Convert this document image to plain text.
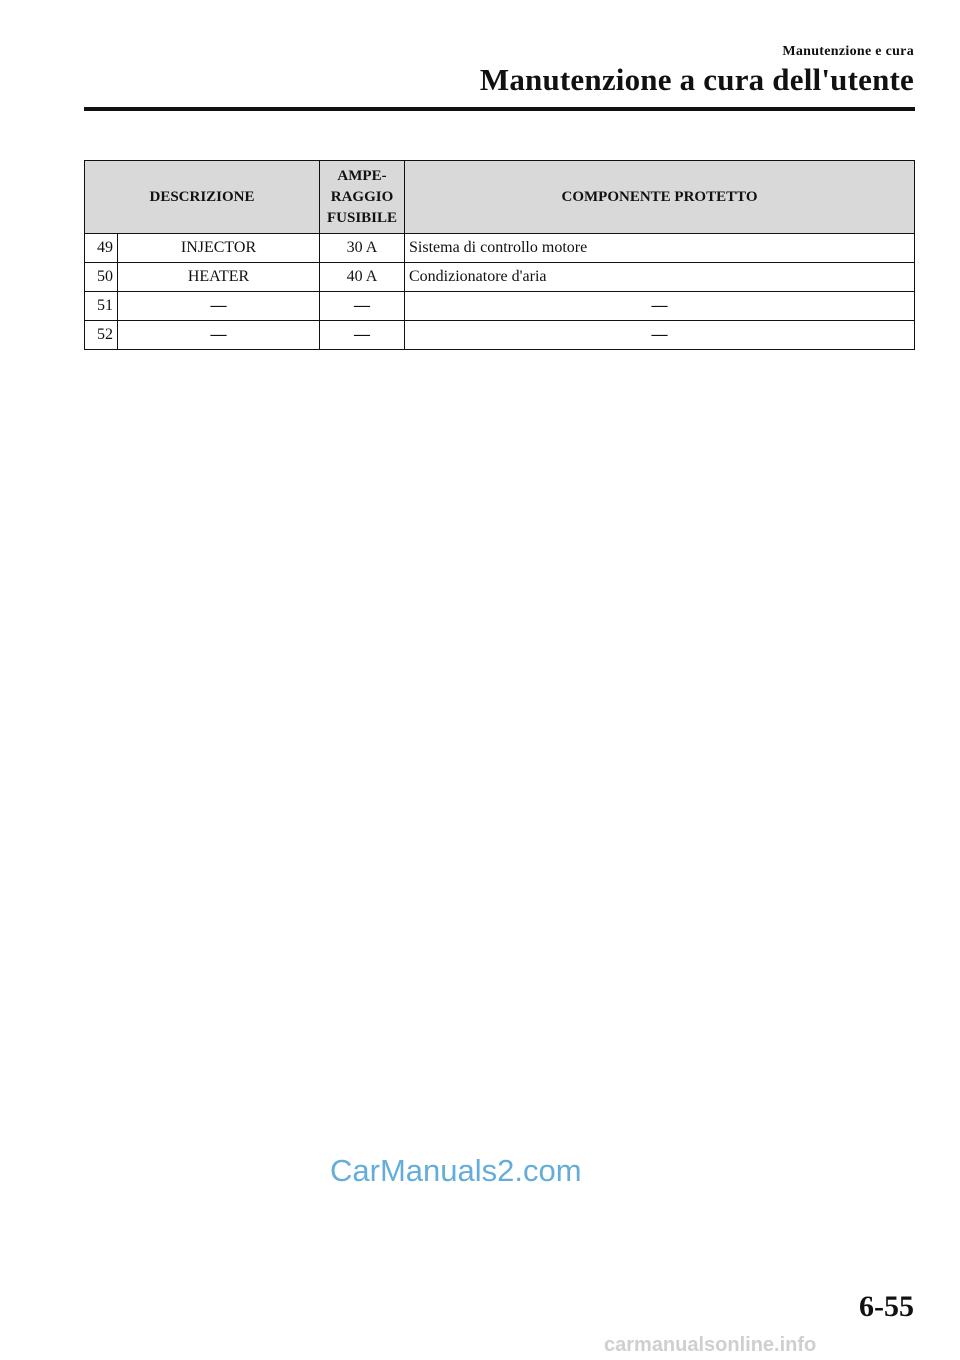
Manutenzione e cura
Manutenzione a cura dell'utente
DESCRIZIONE		AMPE-
RAGGIO
FUSIBILE	COMPONENTE PROTETTO
49	INJECTOR	30 A	Sistema di controllo motore
50	HEATER	40 A	Condizionatore d'aria
51	—	—	—
52	—	—	—
CarManuals2.com
6-55
carmanualsonline.info
